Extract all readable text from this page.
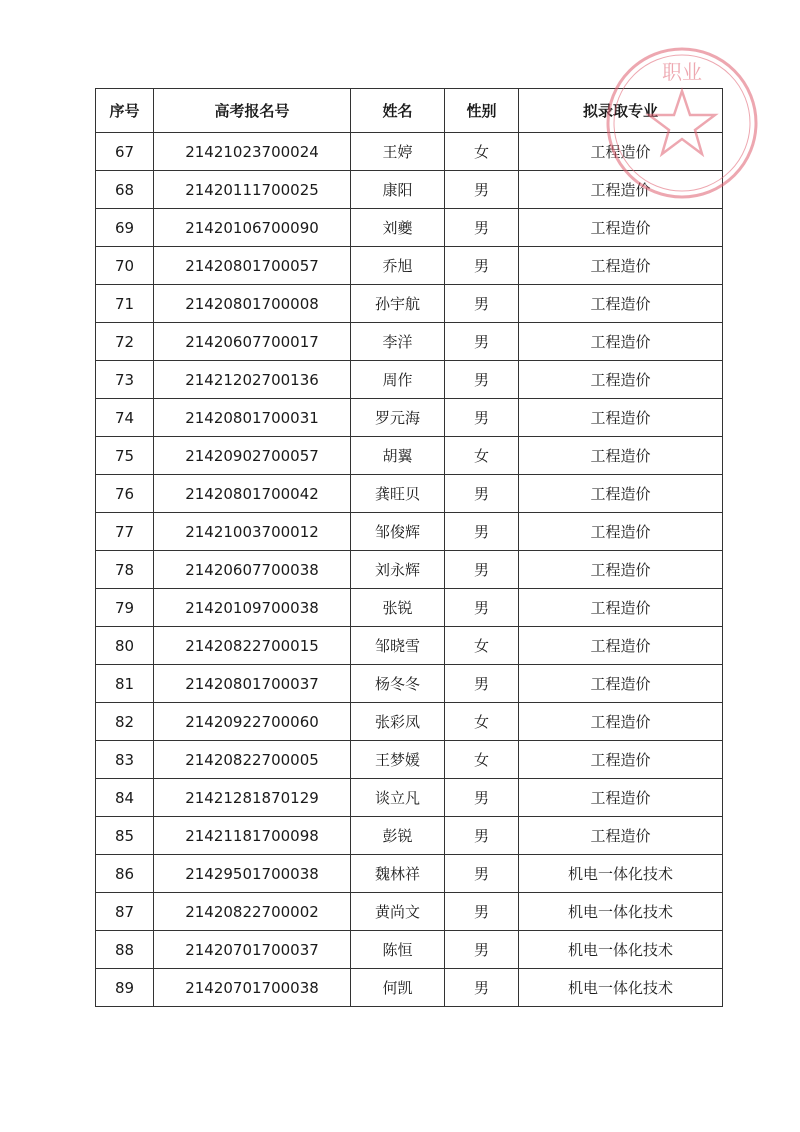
序号	高考报名号	姓名	性别	拟录取专业
67	21421023700024	王婷	女	工程造价
68	21420111700025	康阳	男	工程造价
69	21420106700090	刘夔	男	工程造价
70	21420801700057	乔旭	男	工程造价
71	21420801700008	孙宇航	男	工程造价
72	21420607700017	李洋	男	工程造价
73	21421202700136	周作	男	工程造价
74	21420801700031	罗元海	男	工程造价
75	21420902700057	胡翼	女	工程造价
76	21420801700042	龚旺贝	男	工程造价
77	21421003700012	邹俊辉	男	工程造价
78	21420607700038	刘永辉	男	工程造价
79	21420109700038	张锐	男	工程造价
80	21420822700015	邹晓雪	女	工程造价
81	21420801700037	杨冬冬	男	工程造价
82	21420922700060	张彩凤	女	工程造价
83	21420822700005	王梦媛	女	工程造价
84	21421281870129	谈立凡	男	工程造价
85	21421181700098	彭锐	男	工程造价
86	21429501700038	魏林祥	男	机电一体化技术
87	21420822700002	黄尚文	男	机电一体化技术
88	21420701700037	陈恒	男	机电一体化技术
89	21420701700038	何凯	男	机电一体化技术
职业
